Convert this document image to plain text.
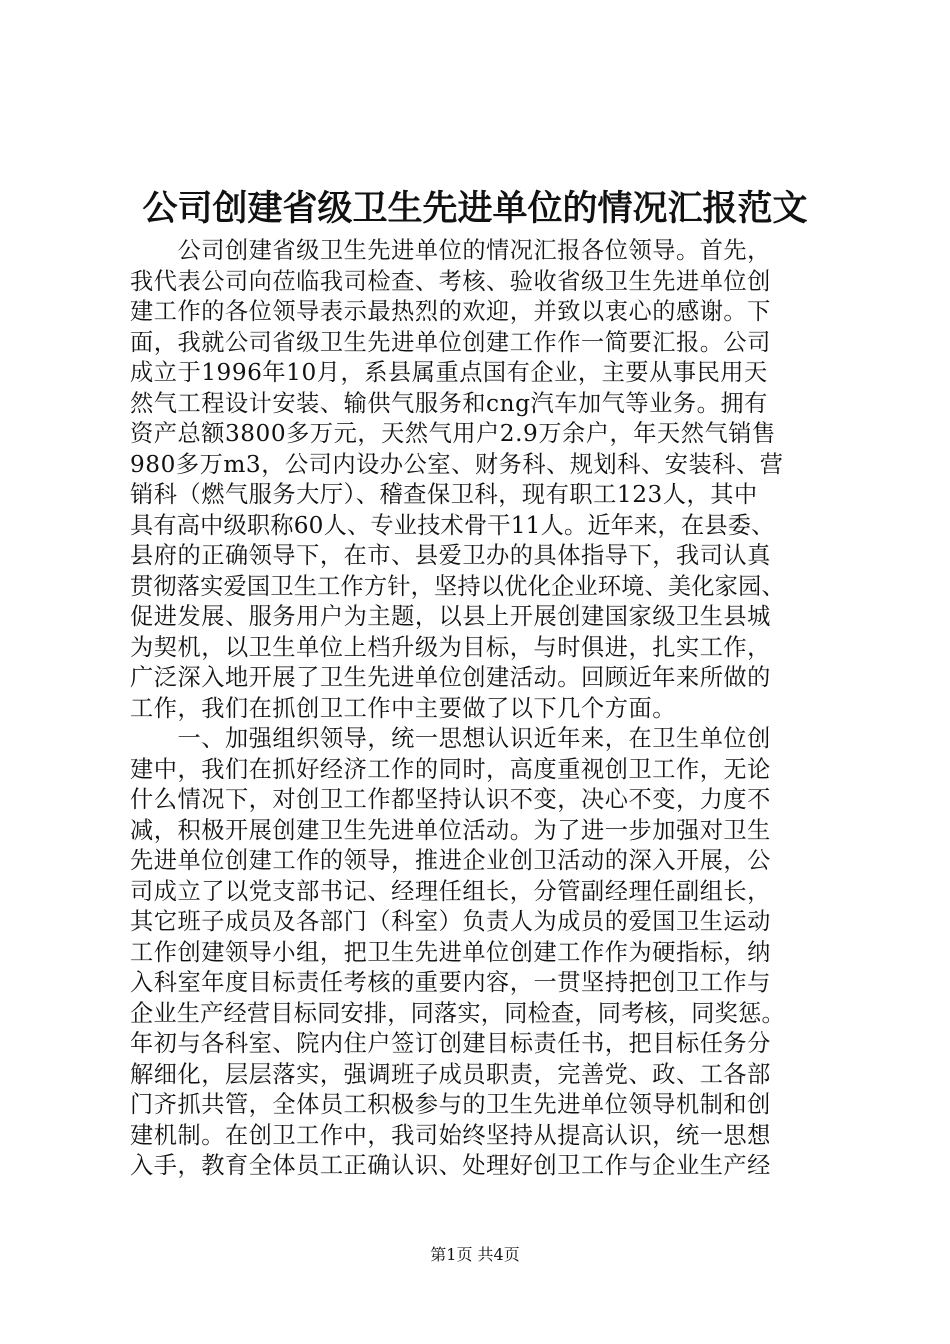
公司创建省级卫生先进单位的情况汇报范文
　　公司创建省级卫生先进单位的情况汇报各位领导。首先，
我代表公司向莅临我司检查、考核、验收省级卫生先进单位创
建工作的各位领导表示最热烈的欢迎，并致以衷心的感谢。下
面，我就公司省级卫生先进单位创建工作作一简要汇报。公司
成立于1996年10月，系县属重点国有企业，主要从事民用天
然气工程设计安装、输供气服务和cng汽车加气等业务。拥有
资产总额3800多万元，天然气用户2.9万余户，年天然气销售
980多万m3，公司内设办公室、财务科、规划科、安装科、营
销科（燃气服务大厅）、稽查保卫科，现有职工123人，其中
具有高中级职称60人、专业技术骨干11人。近年来，在县委、
县府的正确领导下，在市、县爱卫办的具体指导下，我司认真
贯彻落实爱国卫生工作方针，坚持以优化企业环境、美化家园、
促进发展、服务用户为主题，以县上开展创建国家级卫生县城
为契机，以卫生单位上档升级为目标，与时俱进，扎实工作，
广泛深入地开展了卫生先进单位创建活动。回顾近年来所做的
工作，我们在抓创卫工作中主要做了以下几个方面。
　　一、加强组织领导，统一思想认识近年来，在卫生单位创
建中，我们在抓好经济工作的同时，高度重视创卫工作，无论
什么情况下，对创卫工作都坚持认识不变，决心不变，力度不
减，积极开展创建卫生先进单位活动。为了进一步加强对卫生
先进单位创建工作的领导，推进企业创卫活动的深入开展，公
司成立了以党支部书记、经理任组长，分管副经理任副组长，
其它班子成员及各部门（科室）负责人为成员的爱国卫生运动
工作创建领导小组，把卫生先进单位创建工作作为硬指标，纳
入科室年度目标责任考核的重要内容，一贯坚持把创卫工作与
企业生产经营目标同安排，同落实，同检查，同考核，同奖惩。
年初与各科室、院内住户签订创建目标责任书，把目标任务分
解细化，层层落实，强调班子成员职责，完善党、政、工各部
门齐抓共管，全体员工积极参与的卫生先进单位领导机制和创
建机制。在创卫工作中，我司始终坚持从提高认识，统一思想
入手，教育全体员工正确认识、处理好创卫工作与企业生产经
第1页 共4页
